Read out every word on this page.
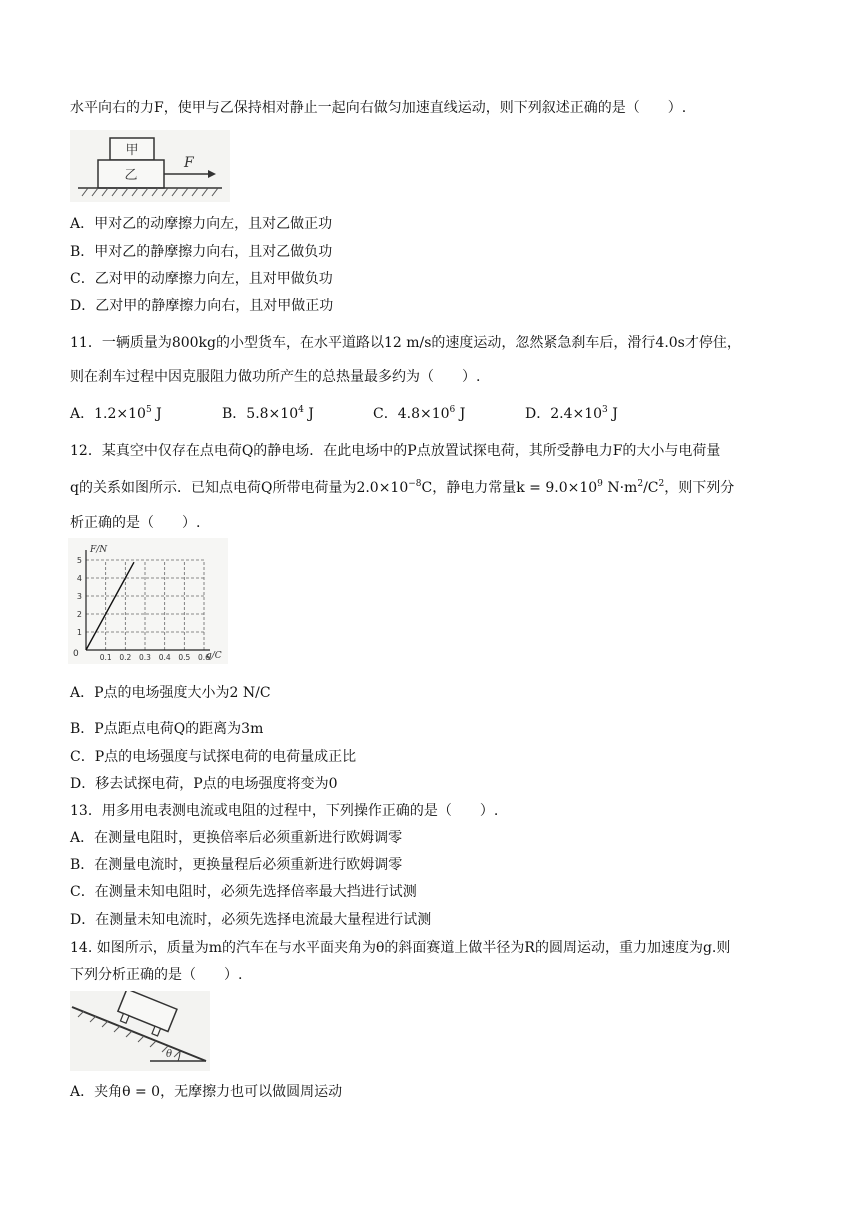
水平向右的力F，使甲与乙保持相对静止一起向右做匀加速直线运动，则下列叙述正确的是（　　）.
甲
乙
F
A．甲对乙的动摩擦力向左，且对乙做正功
B．甲对乙的静摩擦力向右，且对乙做负功
C．乙对甲的动摩擦力向左，且对甲做负功
D．乙对甲的静摩擦力向右，且对甲做正功
11．一辆质量为800kg的小型货车，在水平道路以12 m/s的速度运动，忽然紧急刹车后，滑行4.0s才停住，
则在刹车过程中因克服阻力做功所产生的总热量最多约为（　　）.
A．$1.2\times 10^5$ J	B．$5.8\times 10^4$ J	C．$4.8\times 10^6$ J	D．$2.4\times 10^3$ J
12．某真空中仅存在点电荷Q的静电场．在此电场中的P点放置试探电荷，其所受静电力F的大小与电荷量
q的关系如图所示．已知点电荷Q所带电荷量为$2.0\times 10^{-8}C$，静电力常量$k = 9.0\times 10^9$ $N\cdot m^2/C^2$，则下列分
析正确的是（　　）.
0.1 0.2 0.3 0.4 0.5 0.6
1
2
3
4
5
F/N
q/C
0
A．P点的电场强度大小为2 N/C
B．P点距点电荷Q的距离为3m
C．P点的电场强度与试探电荷的电荷量成正比
D．移去试探电荷，P点的电场强度将变为0
13．用多用电表测电流或电阻的过程中，下列操作正确的是（　　）.
A．在测量电阻时，更换倍率后必须重新进行欧姆调零
B．在测量电流时，更换量程后必须重新进行欧姆调零
C．在测量未知电阻时，必须先选择倍率最大挡进行试测
D．在测量未知电流时，必须先选择电流最大量程进行试测
14. 如图所示，质量为m的汽车在与水平面夹角为θ的斜面赛道上做半径为R的圆周运动，重力加速度为g.则
下列分析正确的是（　　）.
θ
A．夹角θ = 0，无摩擦力也可以做圆周运动
